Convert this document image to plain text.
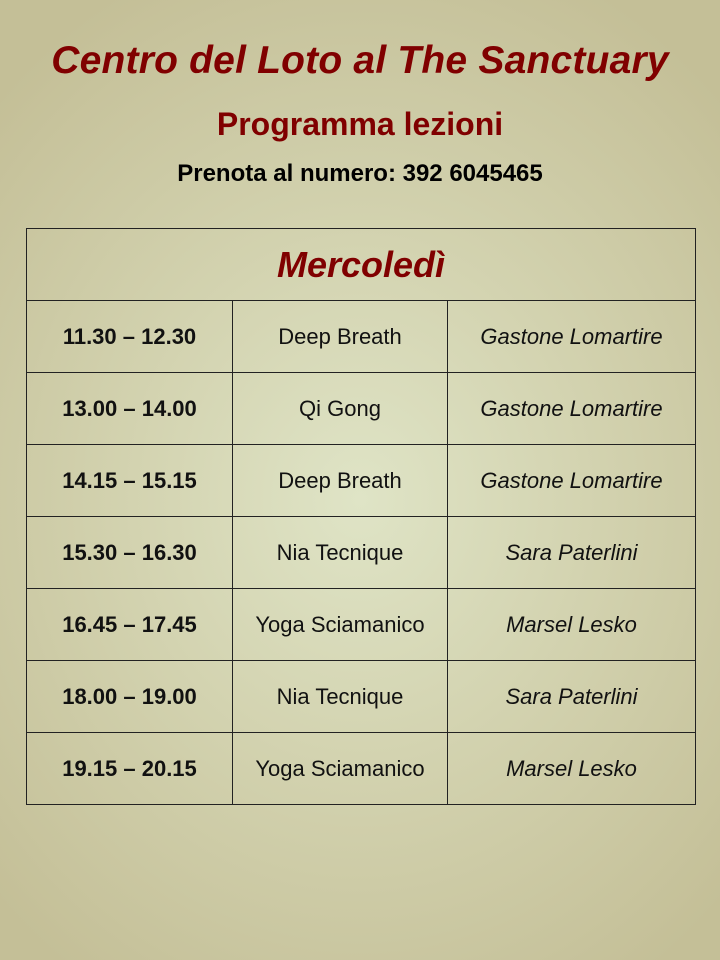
Centro del Loto al The Sanctuary
Programma lezioni
Prenota al numero: 392 6045465
Mercoledì		
11.30 – 12.30	Deep Breath	Gastone Lomartire
13.00 – 14.00	Qi Gong	Gastone Lomartire
14.15 – 15.15	Deep Breath	Gastone Lomartire
15.30 – 16.30	Nia Tecnique	Sara Paterlini
16.45 – 17.45	Yoga Sciamanico	Marsel Lesko
18.00 – 19.00	Nia Tecnique	Sara Paterlini
19.15 – 20.15	Yoga Sciamanico	Marsel Lesko
